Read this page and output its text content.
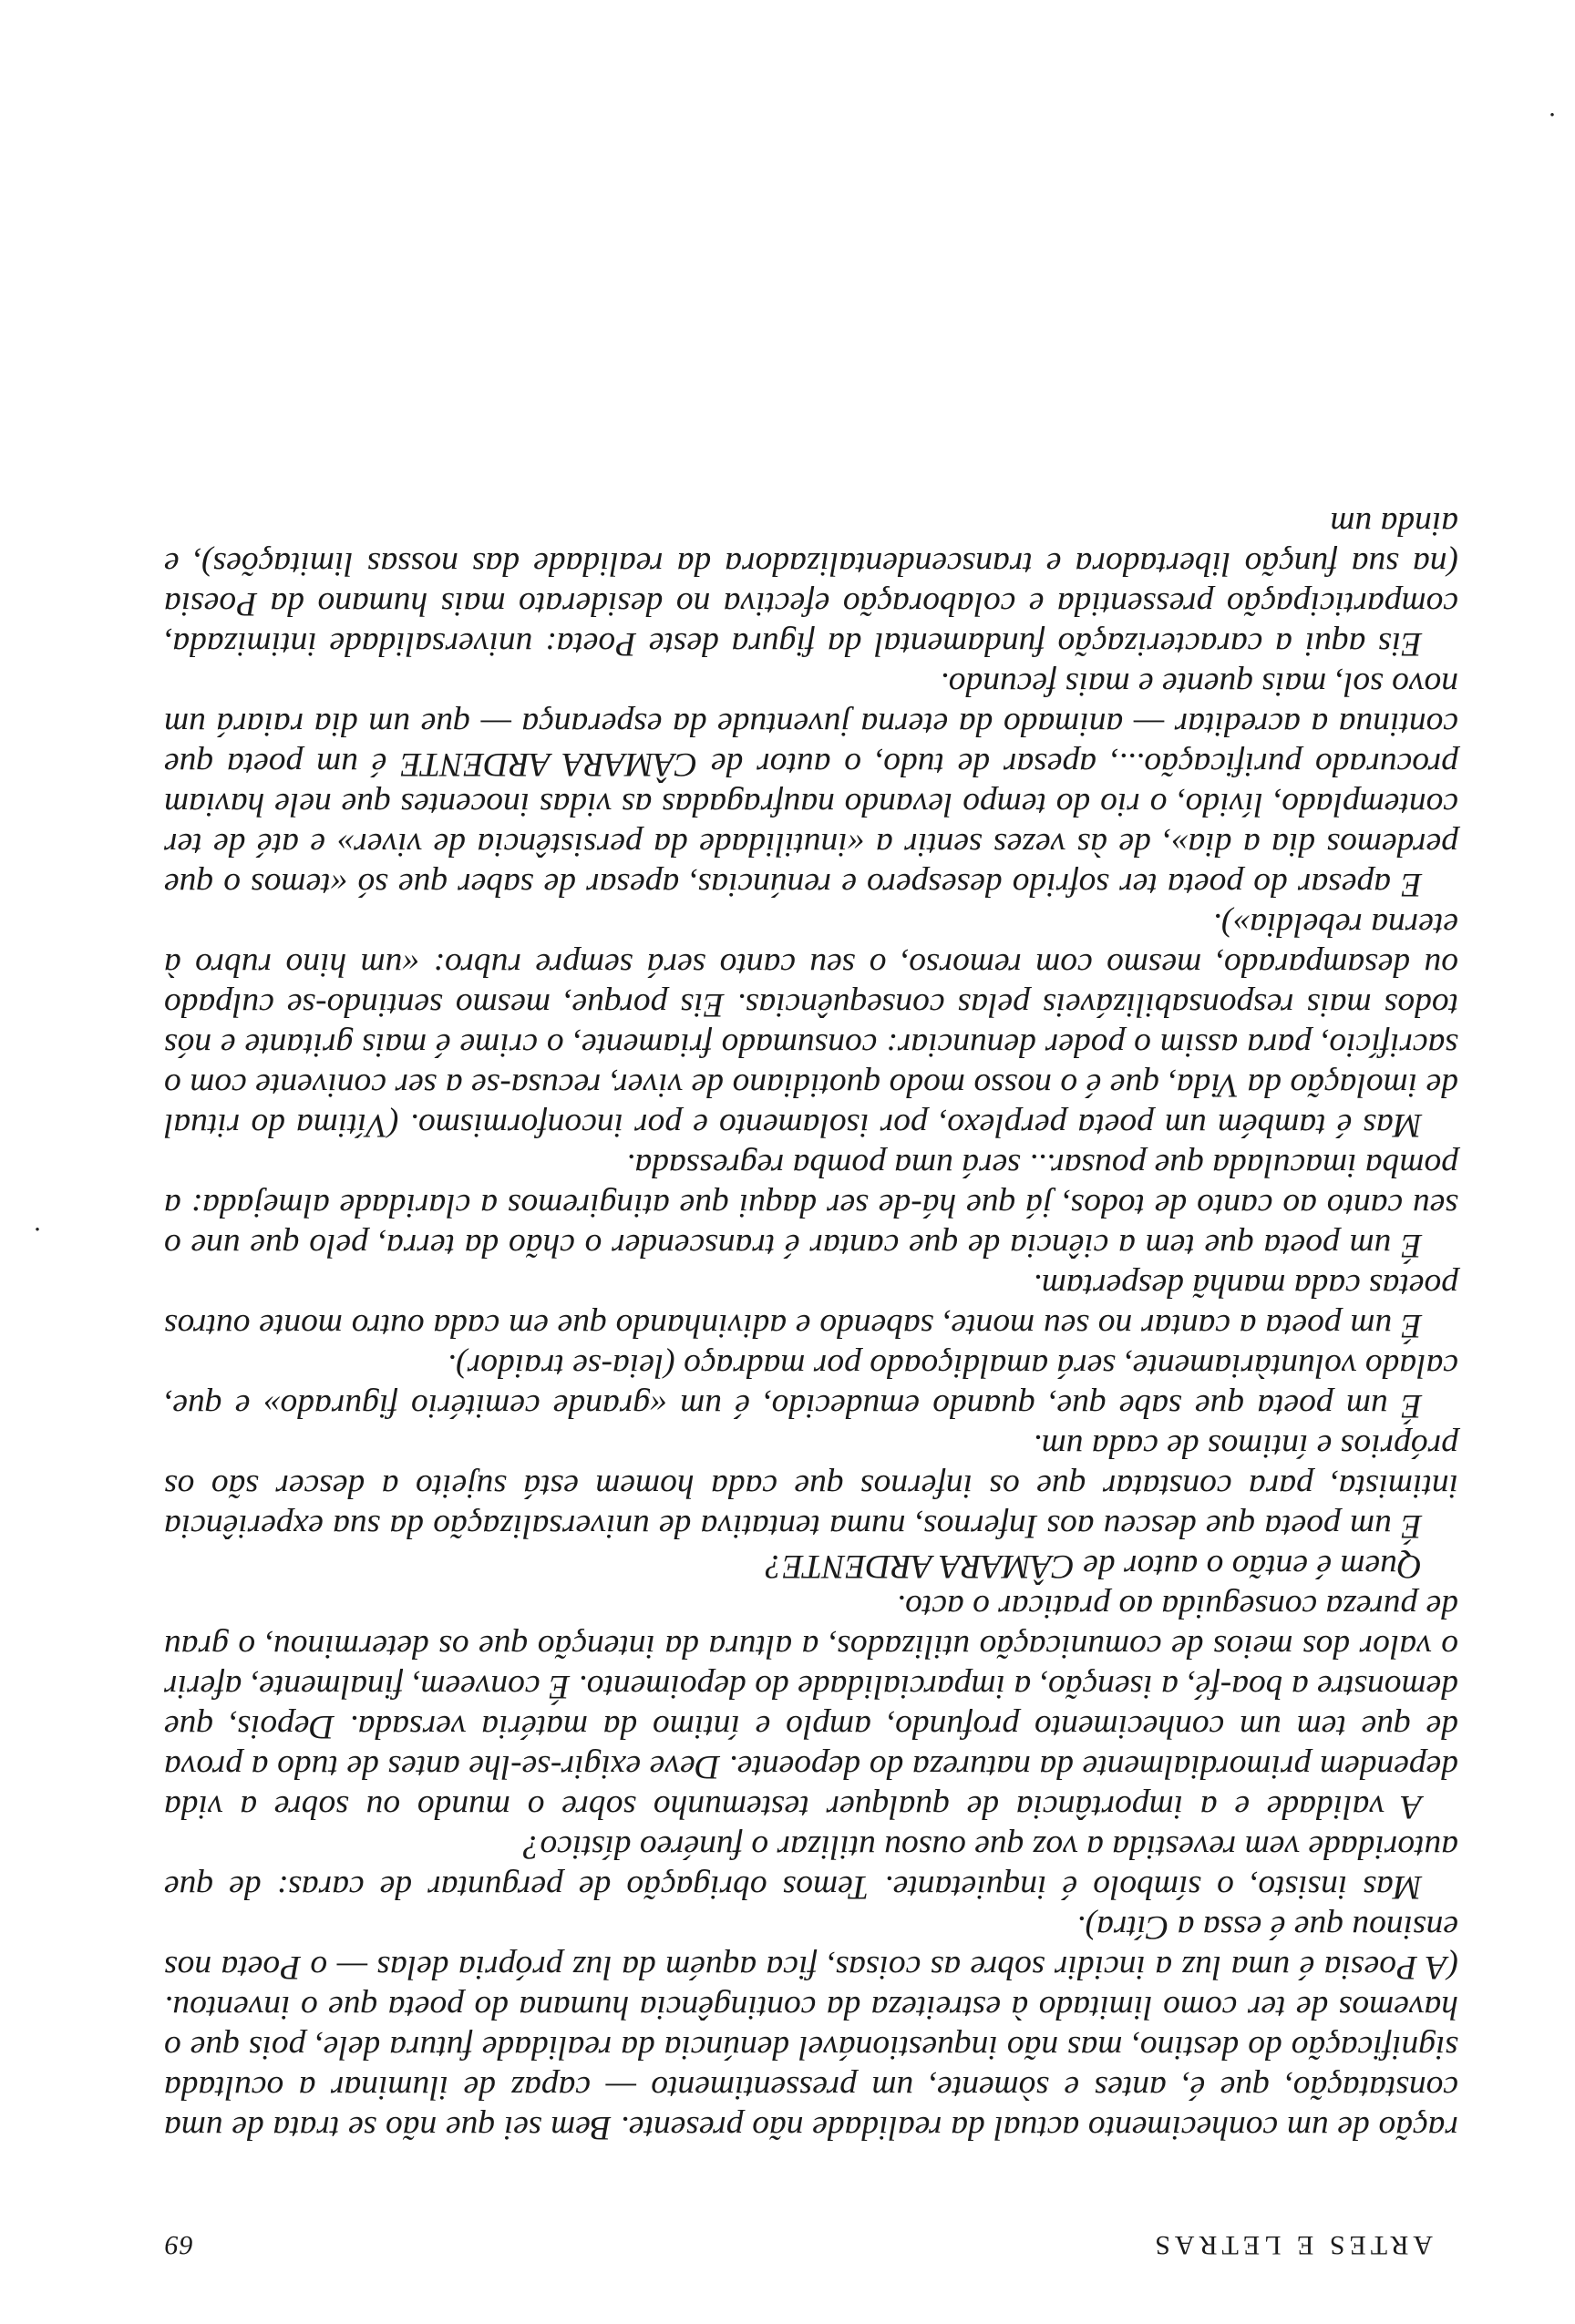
ARTES E LETRAS
69

ração de um conhecimento actual da realidade não presente. Bem sei que não se trata de uma constatação, que é, antes e sòmente, um pressentimento — capaz de iluminar a ocultada significação do destino, mas não inquestionável denúncia da realidade futura dele, pois que o havemos de ter como limitado à estreiteza da contingência humana do poeta que o inventou. (A Poesia é uma luz a incidir sobre as coisas, fica aquém da luz própria delas — o Poeta nos ensinou que é essa a Cítra).

Mas insisto, o símbolo é inquietante. Temos obrigação de perguntar de caras: de que autoridade vem revestida a voz que ousou utilizar o funéreo dístico?

A validade e a importância de qualquer testemunho sobre o mundo ou sobre a vida dependem primordialmente da natureza do depoente. Deve exigir-se-lhe antes de tudo a prova de que tem um conhecimento profundo, amplo e íntimo da matéria versada. Depois, que demonstre a boa-fé, a isenção, a imparcialidade do depoimento. É conveem, finalmente, aferir o valor dos meios de comunicação utilizados, a altura da intenção que os determinou, o grau de pureza conseguida ao praticar o acto.

Quem é então o autor de CÂMARA ARDENTE?

É um poeta que desceu aos Infernos, numa tentativa de universalização da sua experiência intimista, para constatar que os infernos que cada homem está sujeito a descer são os próprios e íntimos de cada um.

É um poeta que sabe que, quando emudecido, é um «grande cemitério figurado» e que, calado voluntàriamente, será amaldiçoado por madraço (leia-se traidor).

É um poeta a cantar no seu monte, sabendo e adivinhando que em cada outro monte outros poetas cada manhã despertam.

É um poeta que tem a ciência de que cantar é transcender o chão da terra, pelo que une o seu canto ao canto de todos, já que há-de ser daqui que atingiremos a claridade almejada: a pomba imaculada que pousar... será uma pomba regressada.

Mas é também um poeta perplexo, por isolamento e por inconformismo. (Vítima do ritual de imolação da Vida, que é o nosso modo quotidiano de viver, recusa-se a ser conivente com o sacrifício, para assim o poder denunciar: consumado friamente, o crime é mais gritante e nós todos mais responsabilizáveis pelas consequências. Eis porque, mesmo sentindo-se culpado ou desamparado, mesmo com remorso, o seu canto será sempre rubro: «um hino rubro à eterna rebeldia»).

E apesar do poeta ter sofrido desespero e renúncias, apesar de saber que só «temos o que perdemos dia a dia», de às vezes sentir a «inutilidade da persistência de viver» e até de ter contemplado, lívido, o rio do tempo levando naufragadas as vidas inocentes que nele haviam procurado purificação..., apesar de tudo, o autor de CÂMARA ARDENTE é um poeta que continua a acreditar — animado da eterna juventude da esperança — que um dia raiará um novo sol, mais quente e mais fecundo.

Eis aqui a caracterização fundamental da figura deste Poeta: universalidade intimizada, comparticipação pressentida e colaboração efectiva no desiderato mais humano da Poesia (na sua função libertadora e transcendentalizadora da realidade das nossas limitações), e ainda um

·
·
